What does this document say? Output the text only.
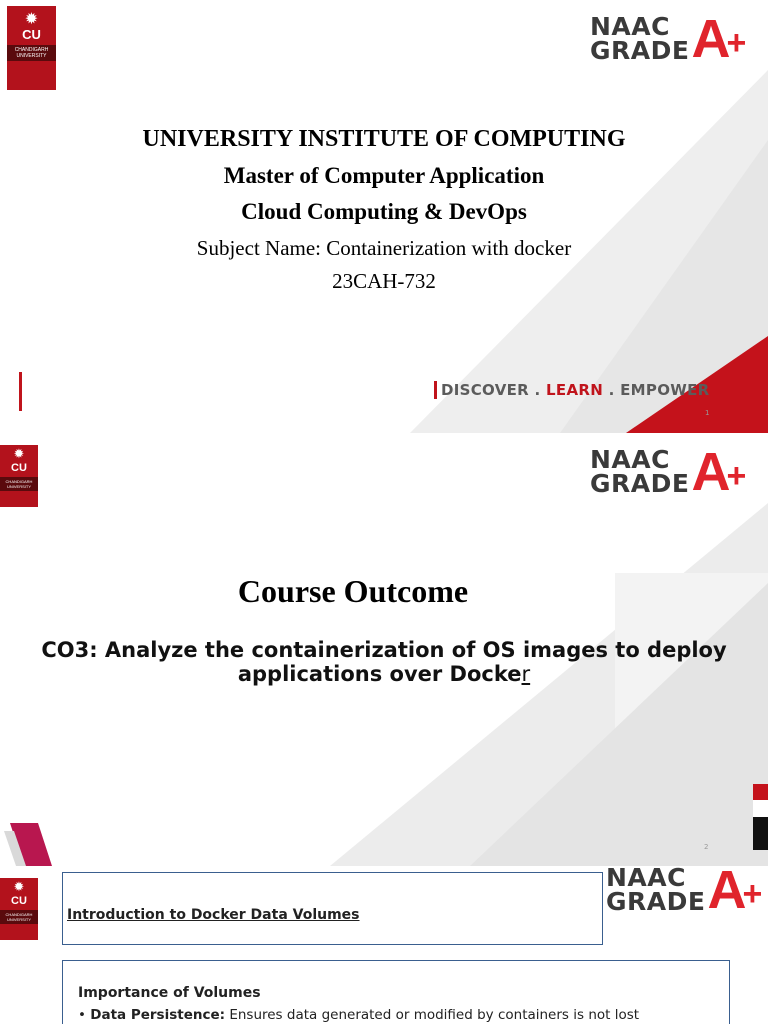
✹
CU
CHANDIGARH UNIVERSITY
NAAC
GRADE A
+
UNIVERSITY INSTITUTE OF COMPUTING
Master of Computer Application
Cloud Computing & DevOps
Subject Name: Containerization with docker
23CAH-732
DISCOVER . LEARN . EMPOWER
1
✹
CU
CHANDIGARH UNIVERSITY
NAAC
GRADE A
+
Course Outcome
CO3: Analyze the containerization of OS images to deploy applications over Docker
2
✹
CU
CHANDIGARH UNIVERSITY	Introduction to Docker Data Volumes
NAAC
GRADE A
+
Importance of Volumes
• Data Persistence: Ensures data generated or modified by containers is not lost
